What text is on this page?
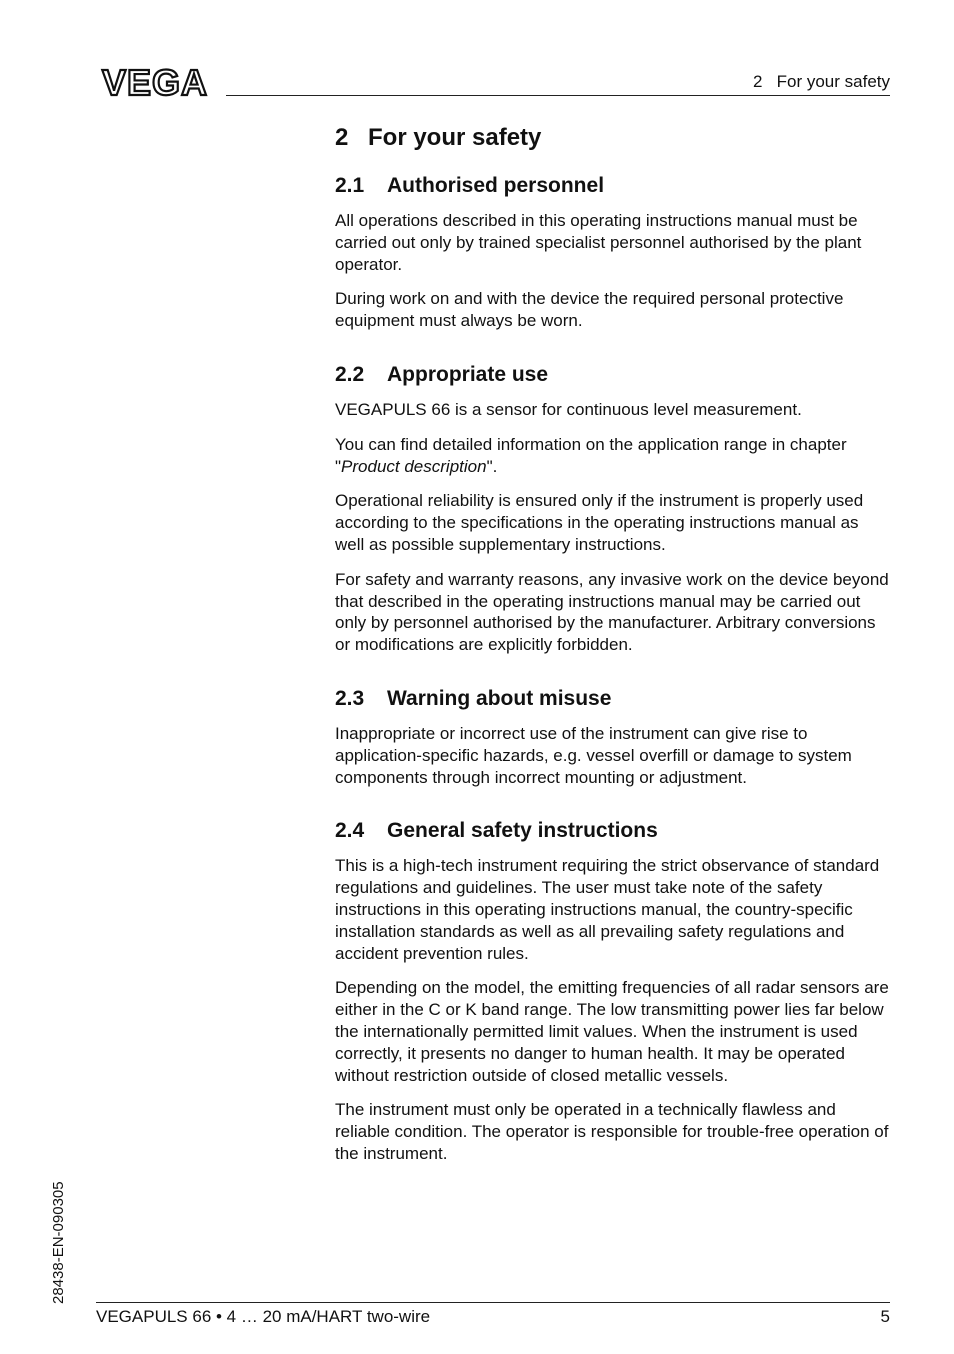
VEGA	2   For your safety
2 For your safety
2.1 Authorised personnel

All operations described in this operating instructions manual must be carried out only by trained specialist personnel authorised by the plant operator.

During work on and with the device the required personal protective equipment must always be worn.

2.2 Appropriate use

VEGAPULS 66 is a sensor for continuous level measurement.

You can find detailed information on the application range in chapter "Product description".

Operational reliability is ensured only if the instrument is properly used according to the specifications in the operating instructions manual as well as possible supplementary instructions.

For safety and warranty reasons, any invasive work on the device beyond that described in the operating instructions manual may be carried out only by personnel authorised by the manufacturer. Arbitrary conversions or modifications are explicitly forbidden.

2.3 Warning about misuse

Inappropriate or incorrect use of the instrument can give rise to application-specific hazards, e.g. vessel overfill or damage to system components through incorrect mounting or adjustment.

2.4 General safety instructions

This is a high-tech instrument requiring the strict observance of standard regulations and guidelines. The user must take note of the safety instructions in this operating instructions manual, the country-specific installation standards as well as all prevailing safety regulations and accident prevention rules.

Depending on the model, the emitting frequencies of all radar sensors are either in the C or K band range. The low transmitting power lies far below the internationally permitted limit values. When the instrument is used correctly, it presents no danger to human health. It may be operated without restriction outside of closed metallic vessels.

The instrument must only be operated in a technically flawless and reliable condition. The operator is responsible for trouble-free operation of the instrument.

28438-EN-090305
VEGAPULS 66 • 4 … 20 mA/HART two-wire	5
